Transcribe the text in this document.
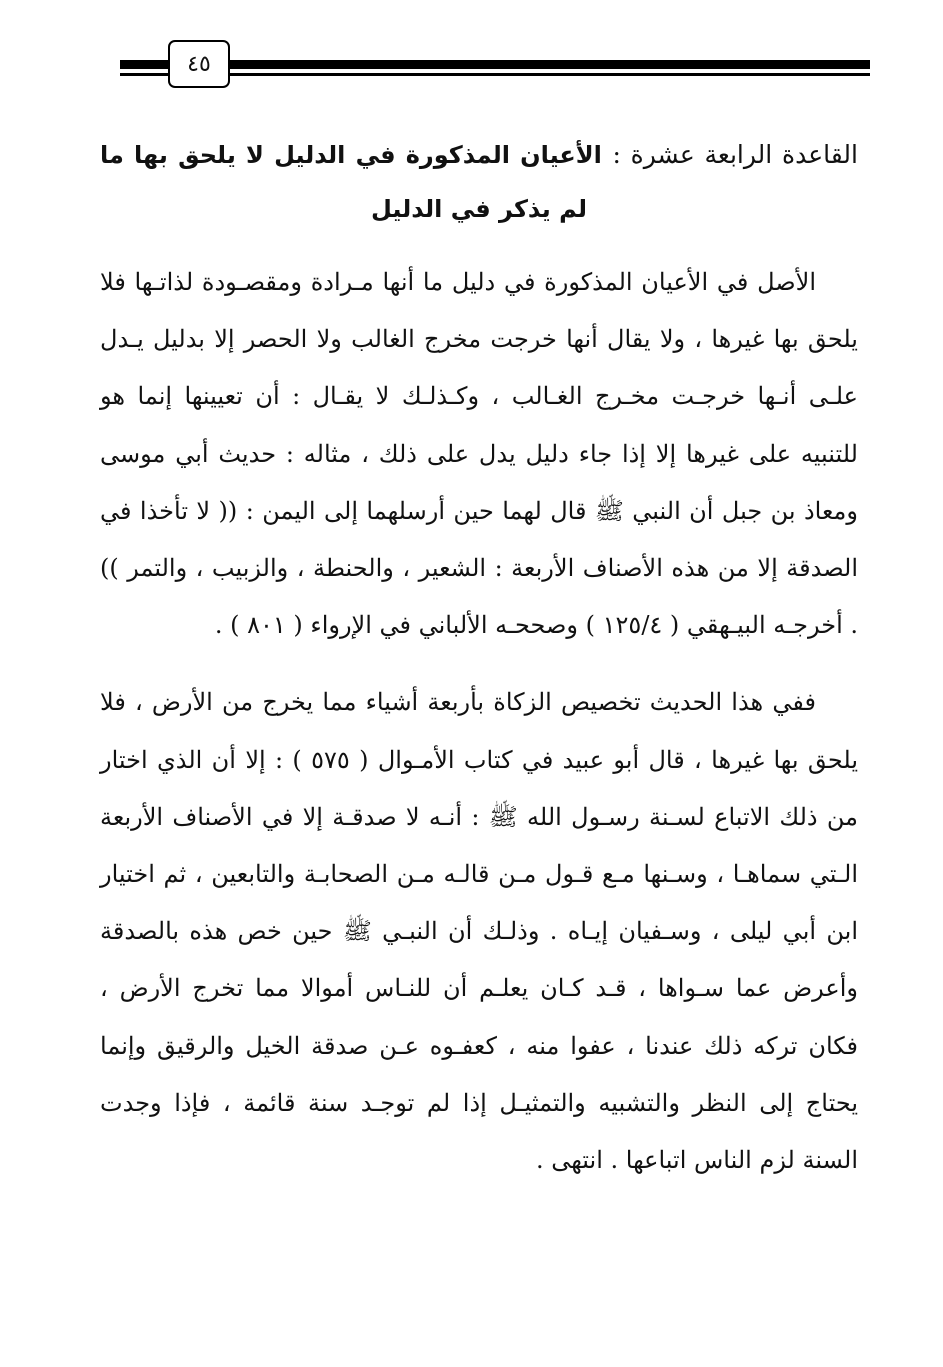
٤٥
القاعدة الرابعة عشرة : الأعيان المذكورة في الدليل لا يلحق بها ما لم يذكر في الدليل

الأصل في الأعيان المذكورة في دليل ما أنها مـرادة ومقصـودة لذاتـها فلا يلحق بها غيرها ، ولا يقال أنها خرجت مخرج الغالب ولا الحصر إلا بدليل يـدل علـى أنـها خرجـت مخـرج الغـالب ، وكـذلـك لا يقـال : أن تعيينها إنما هو للتنبيه على غيرها إلا إذا جاء دليل يدل على ذلك ، مثاله : حديث أبي موسى ومعاذ بن جبل أن النبي ﷺ قال لهما حين أرسلهما إلى اليمن : (( لا تأخذا في الصدقة إلا من هذه الأصناف الأربعة : الشعير ، والحنطة ، والزبيب ، والتمر )) . أخرجـه البيـهقي ( ١٢٥/٤ ) وصححـه الألباني في الإرواء ( ٨٠١ ) .

ففي هذا الحديث تخصيص الزكاة بأربعة أشياء مما يخرج من الأرض ، فلا يلحق بها غيرها ، قال أبو عبيد في كتاب الأمـوال ( ٥٧٥ ) : إلا أن الذي اختار من ذلك الاتباع لسـنة رسـول الله ﷺ : أنـه لا صدقـة إلا في الأصناف الأربعة الـتي سماهـا ، وسـنها مـع قـول مـن قالـه مـن الصحابـة والتابعين ، ثم اختيار ابن أبي ليلى ، وسـفيان إيـاه . وذلـك أن النبـي ﷺ حين خص هذه بالصدقة وأعرض عما سـواها ، قـد كـان يعلـم أن للنـاس أموالا مما تخرج الأرض ، فكان تركه ذلك عندنا ، عفوا منه ، كعفـوه عـن صدقة الخيل والرقيق وإنما يحتاج إلى النظر والتشبيه والتمثيـل إذا لم توجـد سنة قائمة ، فإذا وجدت السنة لزم الناس اتباعها . انتهى .
